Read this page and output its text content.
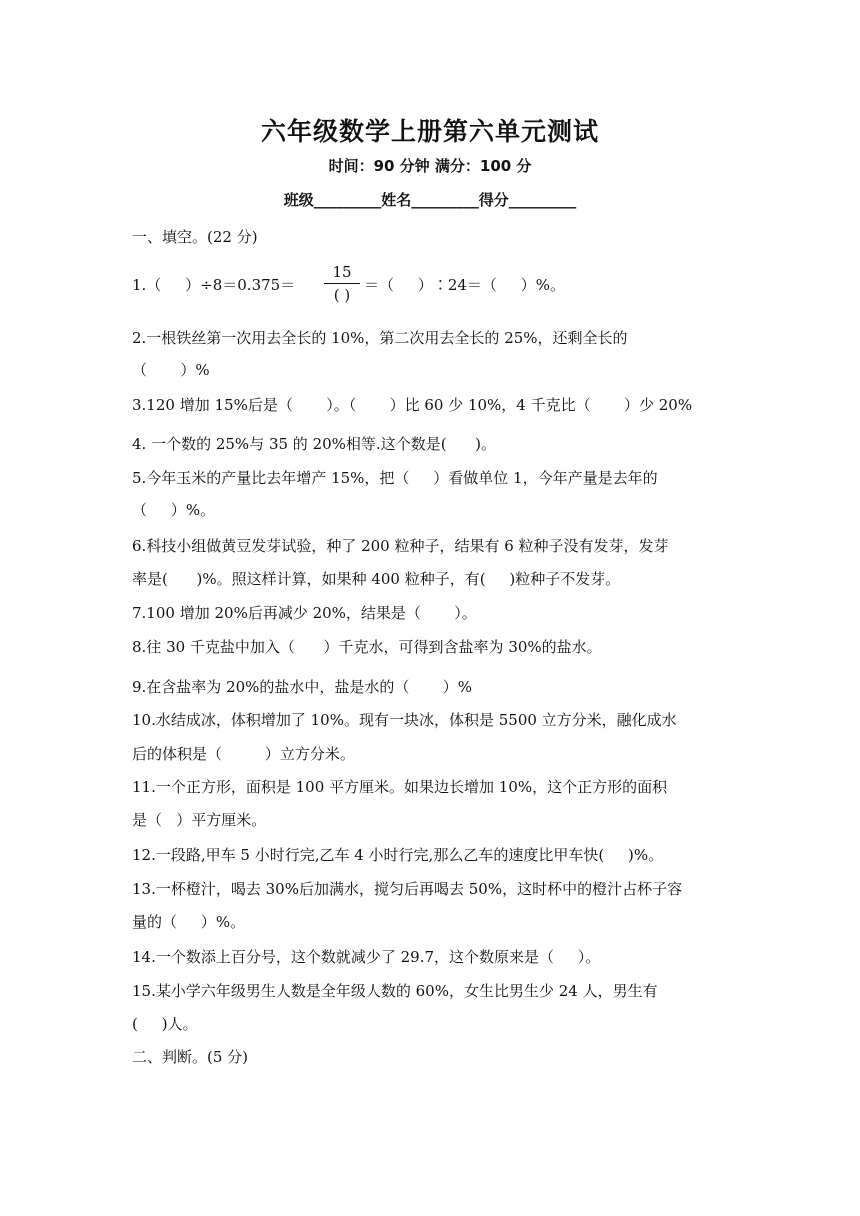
六年级数学上册第六单元测试
时间：90 分钟 满分：100 分
班级_________姓名_________得分_________
一、填空。(22 分)
1.（     ）÷8＝0.375＝
15
( )
＝（     ）∶24＝（     ）%。
2.一根铁丝第一次用去全长的 10%，第二次用去全长的 25%，还剩全长的
（       ）%
3.120 增加 15%后是（       ）。（       ）比 60 少 10%，4 千克比（       ）少 20%
4. 一个数的 25%与 35 的 20%相等.这个数是(      )。
5.今年玉米的产量比去年增产 15%，把（     ）看做单位 1，今年产量是去年的
（     ）%。
6.科技小组做黄豆发芽试验，种了 200 粒种子，结果有 6 粒种子没有发芽，发芽
率是(      )%。照这样计算，如果种 400 粒种子，有(     )粒种子不发芽。
7.100 增加 20%后再减少 20%，结果是（       ）。
8.往 30 千克盐中加入（      ）千克水，可得到含盐率为 30%的盐水。
9.在含盐率为 20%的盐水中，盐是水的（       ）%
10.水结成冰，体积增加了 10%。现有一块冰，体积是 5500 立方分米，融化成水
后的体积是（         ）立方分米。
11.一个正方形，面积是 100 平方厘米。如果边长增加 10%，这个正方形的面积
是（   ）平方厘米。
12.一段路,甲车 5 小时行完,乙车 4 小时行完,那么乙车的速度比甲车快(     )%。
13.一杯橙汁，喝去 30%后加满水，搅匀后再喝去 50%，这时杯中的橙汁占杯子容
量的（     ）%。
14.一个数添上百分号，这个数就减少了 29.7，这个数原来是（     ）。
15.某小学六年级男生人数是全年级人数的 60%，女生比男生少 24 人，男生有
(     )人。
二、判断。(5 分)
